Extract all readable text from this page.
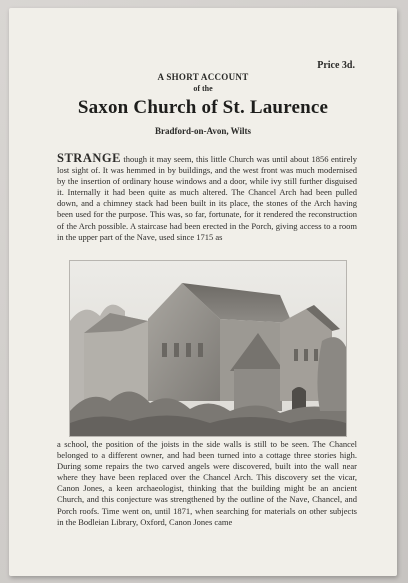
Price 3d.
A SHORT ACCOUNT
of the
Saxon Church of St. Laurence
Bradford-on-Avon, Wilts

STRANGE though it may seem, this little Church was until about 1856 entirely lost sight of. It was hemmed in by buildings, and the west front was much modernised by the insertion of ordinary house windows and a door, while ivy still further disguised it. Internally it had been quite as much altered. The Chancel Arch had been pulled down, and a chimney stack had been built in its place, the stones of the Arch having been used for the purpose. This was, so far, fortunate, for it rendered the reconstruction of the Arch possible. A staircase had been erected in the Porch, giving access to a room in the upper part of the Nave, used since 1715 as

a school, the position of the joists in the side walls is still to be seen. The Chancel belonged to a different owner, and had been turned into a cottage three stories high. During some repairs the two carved angels were discovered, built into the wall near where they have been replaced over the Chancel Arch. This discovery set the vicar, Canon Jones, a keen archaeologist, thinking that the building might be an ancient Church, and this conjecture was strengthened by the outline of the Nave, Chancel, and Porch roofs. Time went on, until 1871, when searching for materials on other subjects in the Bodleian Library, Oxford, Canon Jones came
